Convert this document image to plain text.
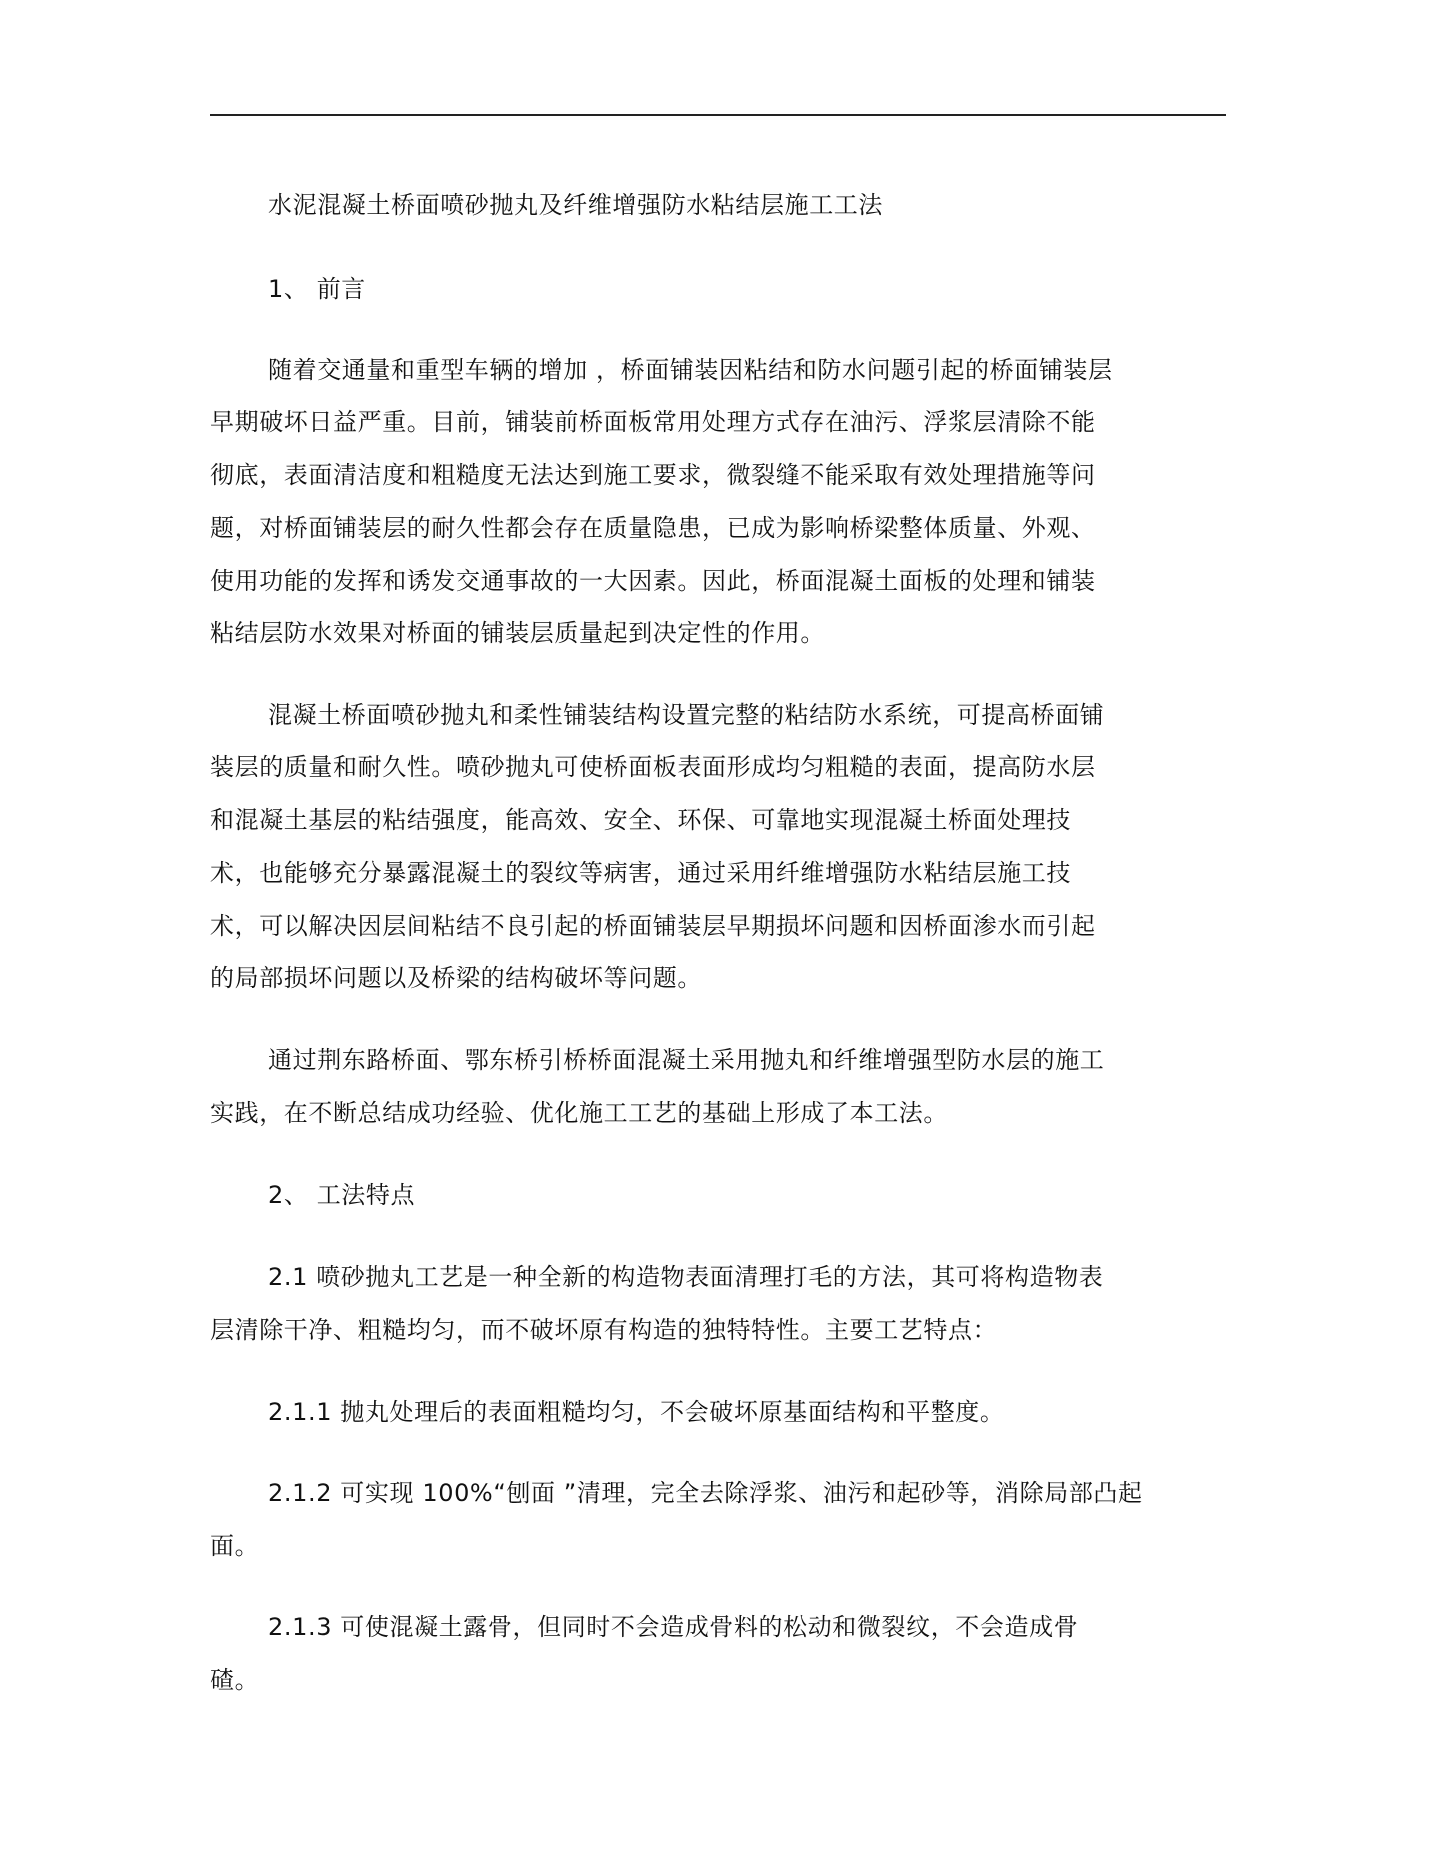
水泥混凝土桥面喷砂抛丸及纤维增强防水粘结层施工工法
1、 前言
随着交通量和重型车辆的增加 ，桥面铺装因粘结和防水问题引起的桥面铺装层
早期破坏日益严重。目前，铺装前桥面板常用处理方式存在油污、浮浆层清除不能
彻底，表面清洁度和粗糙度无法达到施工要求，微裂缝不能采取有效处理措施等问
题，对桥面铺装层的耐久性都会存在质量隐患，已成为影响桥梁整体质量、外观、
使用功能的发挥和诱发交通事故的一大因素。因此，桥面混凝土面板的处理和铺装
粘结层防水效果对桥面的铺装层质量起到决定性的作用。
混凝土桥面喷砂抛丸和柔性铺装结构设置完整的粘结防水系统，可提高桥面铺
装层的质量和耐久性。喷砂抛丸可使桥面板表面形成均匀粗糙的表面，提高防水层
和混凝土基层的粘结强度，能高效、安全、环保、可靠地实现混凝土桥面处理技
术，也能够充分暴露混凝土的裂纹等病害，通过采用纤维增强防水粘结层施工技
术，可以解决因层间粘结不良引起的桥面铺装层早期损坏问题和因桥面渗水而引起
的局部损坏问题以及桥梁的结构破坏等问题。
通过荆东路桥面、鄂东桥引桥桥面混凝土采用抛丸和纤维增强型防水层的施工
实践，在不断总结成功经验、优化施工工艺的基础上形成了本工法。
2、 工法特点
2.1 喷砂抛丸工艺是一种全新的构造物表面清理打毛的方法，其可将构造物表
层清除干净、粗糙均匀，而不破坏原有构造的独特特性。主要工艺特点：
2.1.1 抛丸处理后的表面粗糙均匀，不会破坏原基面结构和平整度。
2.1.2 可实现 100%“刨面 ”清理，完全去除浮浆、油污和起砂等，消除局部凸起
面。
2.1.3 可使混凝土露骨，但同时不会造成骨料的松动和微裂纹，不会造成骨
碴。
